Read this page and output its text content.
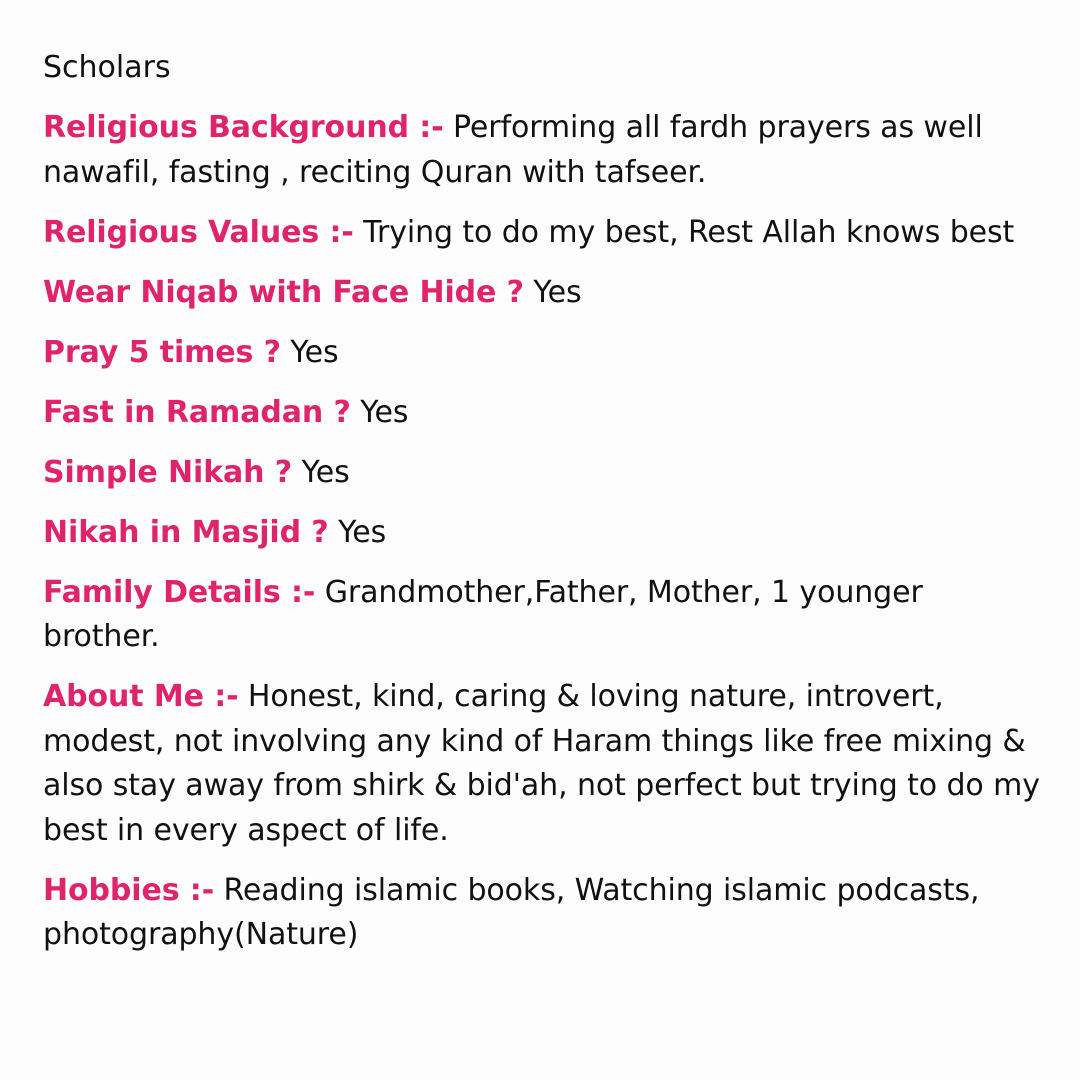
Scholars
Religious Background :- Performing all fardh prayers as well nawafil, fasting , reciting Quran with tafseer.
Religious Values :- Trying to do my best, Rest Allah knows best
Wear Niqab with Face Hide ? Yes
Pray 5 times ? Yes
Fast in Ramadan ? Yes
Simple Nikah ? Yes
Nikah in Masjid ? Yes
Family Details :- Grandmother,Father, Mother, 1 younger brother.
About Me :- Honest, kind, caring & loving nature, introvert, modest, not involving any kind of Haram things like free mixing & also stay away from shirk & bid'ah, not perfect but trying to do my best in every aspect of life.
Hobbies :- Reading islamic books, Watching islamic podcasts, photography(Nature)
